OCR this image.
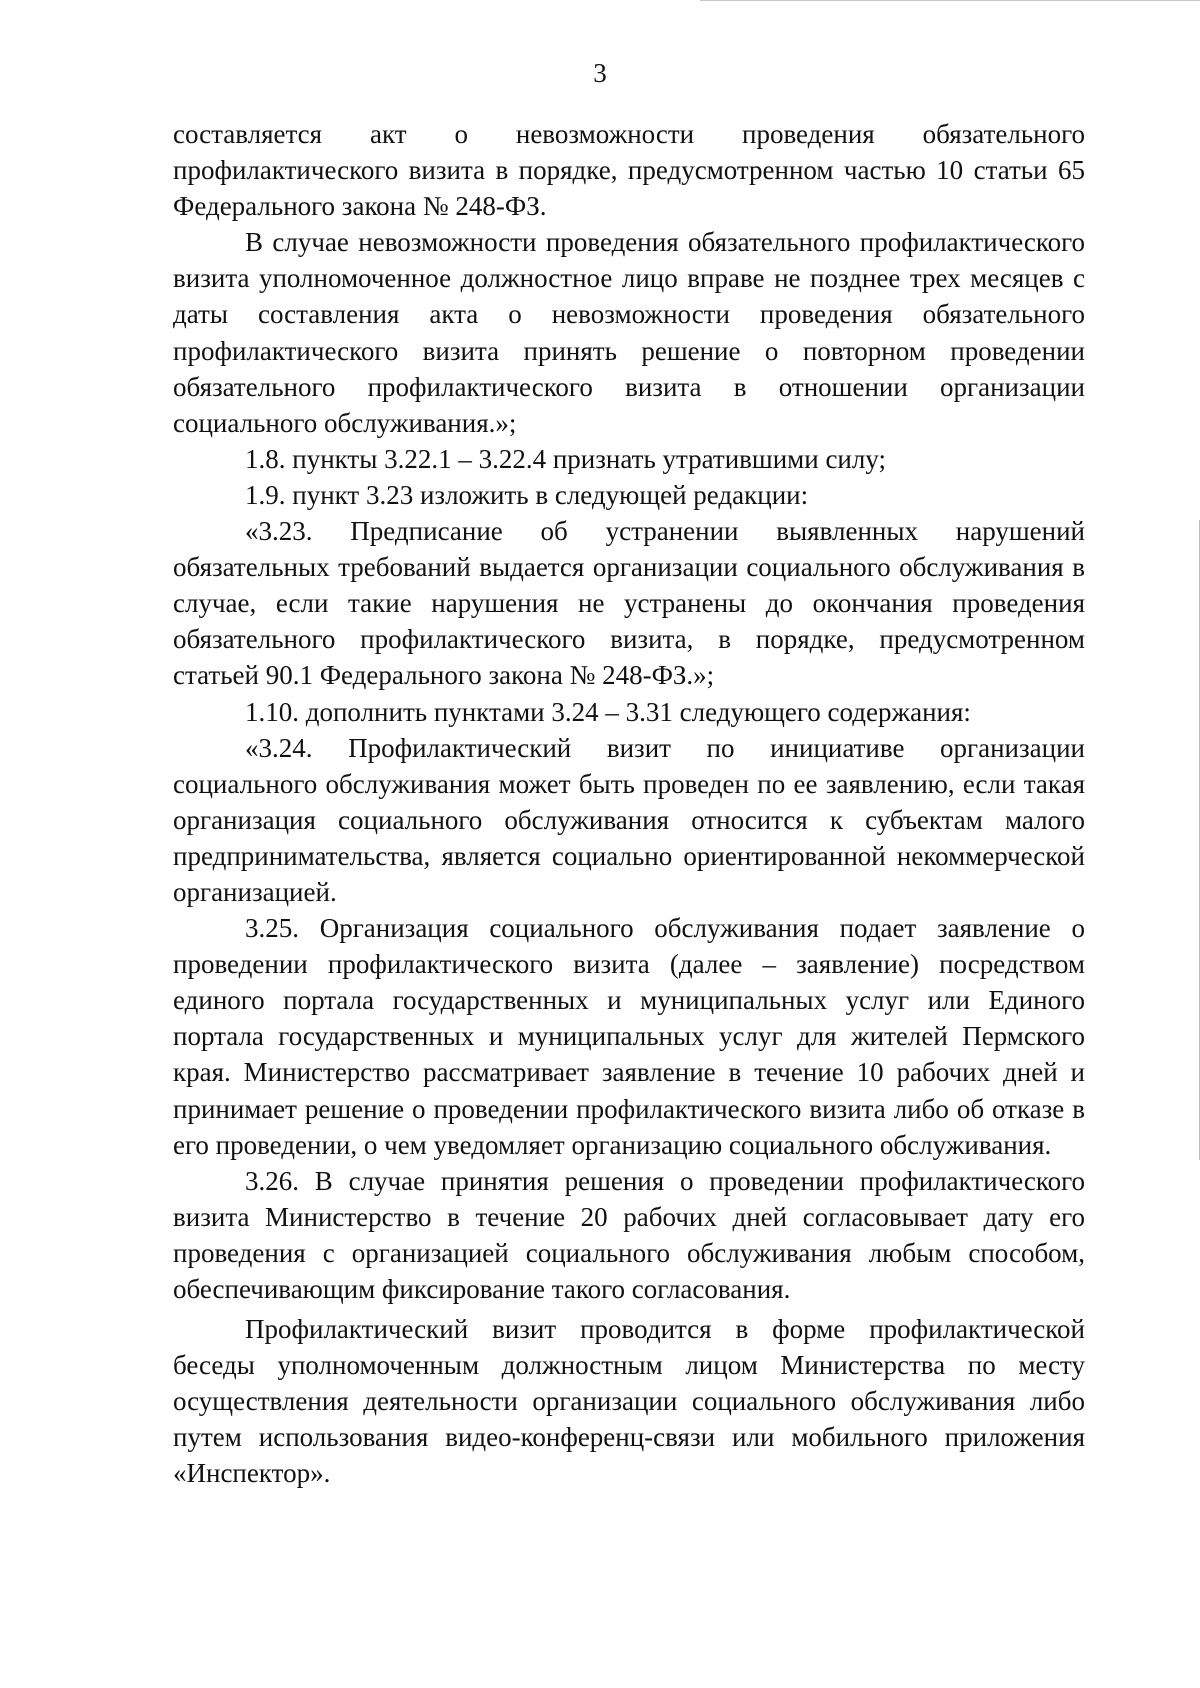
3

составляется акт о невозможности проведения обязательного профилактического визита в порядке, предусмотренном частью 10 статьи 65 Федерального закона № 248-ФЗ.

В случае невозможности проведения обязательного профилактического визита уполномоченное должностное лицо вправе не позднее трех месяцев с даты составления акта о невозможности проведения обязательного профилактического визита принять решение о повторном проведении обязательного профилактического визита в отношении организации социального обслуживания.»;

1.8. пункты 3.22.1 – 3.22.4 признать утратившими силу;

1.9. пункт 3.23 изложить в следующей редакции:

«3.23. Предписание об устранении выявленных нарушений обязательных требований выдается организации социального обслуживания в случае, если такие нарушения не устранены до окончания проведения обязательного профилактического визита, в порядке, предусмотренном статьей 90.1 Федерального закона № 248-ФЗ.»;

1.10. дополнить пунктами 3.24 – 3.31 следующего содержания:

«3.24. Профилактический визит по инициативе организации социального обслуживания может быть проведен по ее заявлению, если такая организация социального обслуживания относится к субъектам малого предпринимательства, является социально ориентированной некоммерческой организацией.

3.25. Организация социального обслуживания подает заявление о проведении профилактического визита (далее – заявление) посредством единого портала государственных и муниципальных услуг или Единого портала государственных и муниципальных услуг для жителей Пермского края. Министерство рассматривает заявление в течение 10 рабочих дней и принимает решение о проведении профилактического визита либо об отказе в его проведении, о чем уведомляет организацию социального обслуживания.

3.26. В случае принятия решения о проведении профилактического визита Министерство в течение 20 рабочих дней согласовывает дату его проведения с организацией социального обслуживания любым способом, обеспечивающим фиксирование такого согласования.

Профилактический визит проводится в форме профилактической беседы уполномоченным должностным лицом Министерства по месту осуществления деятельности организации социального обслуживания либо путем использования видео-конференц-связи или мобильного приложения «Инспектор».
